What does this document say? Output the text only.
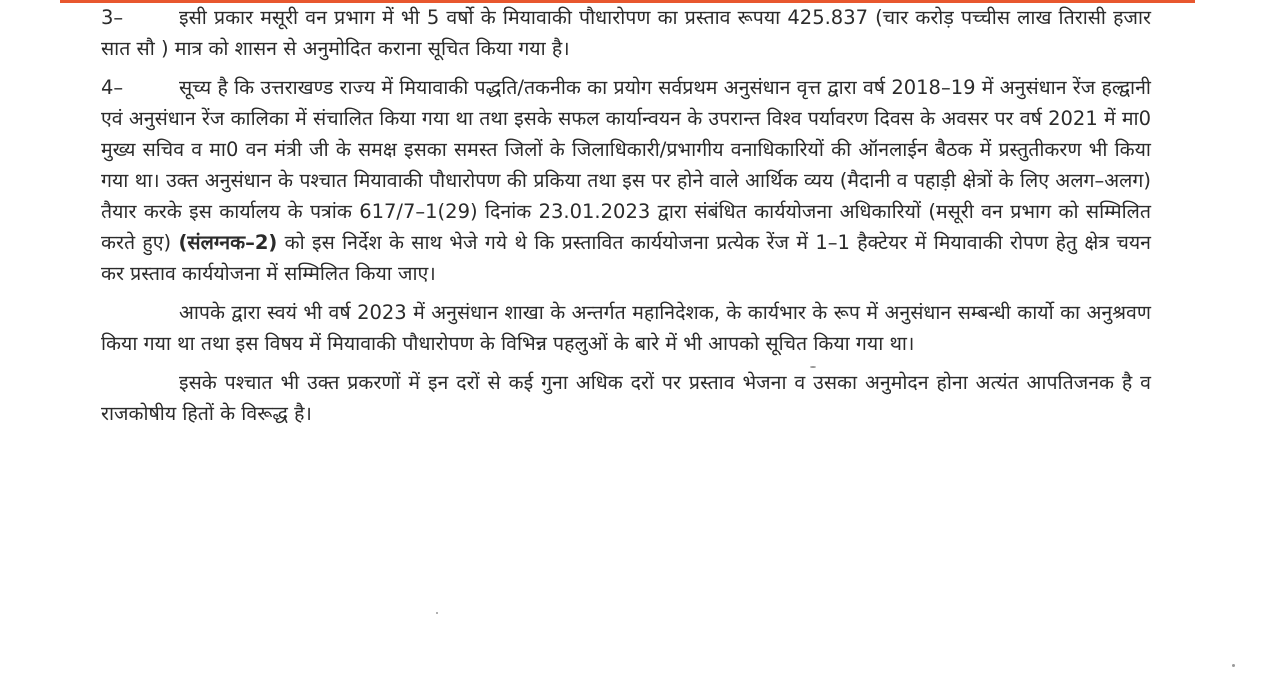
3–	इसी प्रकार मसूरी वन प्रभाग में भी 5 वर्षो के मियावाकी पौधारोपण का प्रस्ताव रूपया 425.837 (चार करोड़ पच्चीस लाख तिरासी हजार सात सौ ) मात्र को शासन से अनुमोदित कराना सूचित किया गया है।

4–	सूच्य है कि उत्तराखण्ड राज्य में मियावाकी पद्धति/तकनीक का प्रयोग सर्वप्रथम अनुसंधान वृत्त द्वारा वर्ष 2018–19 में अनुसंधान रेंज हल्द्वानी एवं अनुसंधान रेंज कालिका में संचालित किया गया था तथा इसके सफल कार्यान्वयन के उपरान्त विश्व पर्यावरण दिवस के अवसर पर वर्ष 2021 में मा0 मुख्य सचिव व मा0 वन मंत्री जी के समक्ष इसका समस्त जिलों के जिलाधिकारी/प्रभागीय वनाधिकारियों की ऑनलाईन बैठक में प्रस्तुतीकरण भी किया गया था। उक्त अनुसंधान के पश्चात मियावाकी पौधारोपण की प्रकिया तथा इस पर होने वाले आर्थिक व्यय (मैदानी व पहाड़ी क्षेत्रों के लिए अलग–अलग) तैयार करके इस कार्यालय के पत्रांक 617/7–1(29) दिनांक 23.01.2023 द्वारा संबंधित कार्ययोजना अधिकारियों (मसूरी वन प्रभाग को सम्मिलित करते हुए) (संलग्नक–2) को इस निर्देश के साथ भेजे गये थे कि प्रस्तावित कार्ययोजना प्रत्येक रेंज में 1–1 हैक्टेयर में मियावाकी रोपण हेतु क्षेत्र चयन कर प्रस्ताव कार्ययोजना में सम्मिलित किया जाए।

आपके द्वारा स्वयं भी वर्ष 2023 में अनुसंधान शाखा के अन्तर्गत महानिदेशक, के कार्यभार के रूप में अनुसंधान सम्बन्धी कार्यो का अनुश्रवण किया गया था तथा इस विषय में मियावाकी पौधारोपण के विभिन्न पहलुओं के बारे में भी आपको सूचित किया गया था।

इसके पश्चात भी उक्त प्रकरणों में इन दरों से कई गुना अधिक दरों पर प्रस्ताव भेजना व उसका अनुमोदन होना अत्यंत आपतिजनक है व राजकोषीय हितों के विरूद्ध है।
